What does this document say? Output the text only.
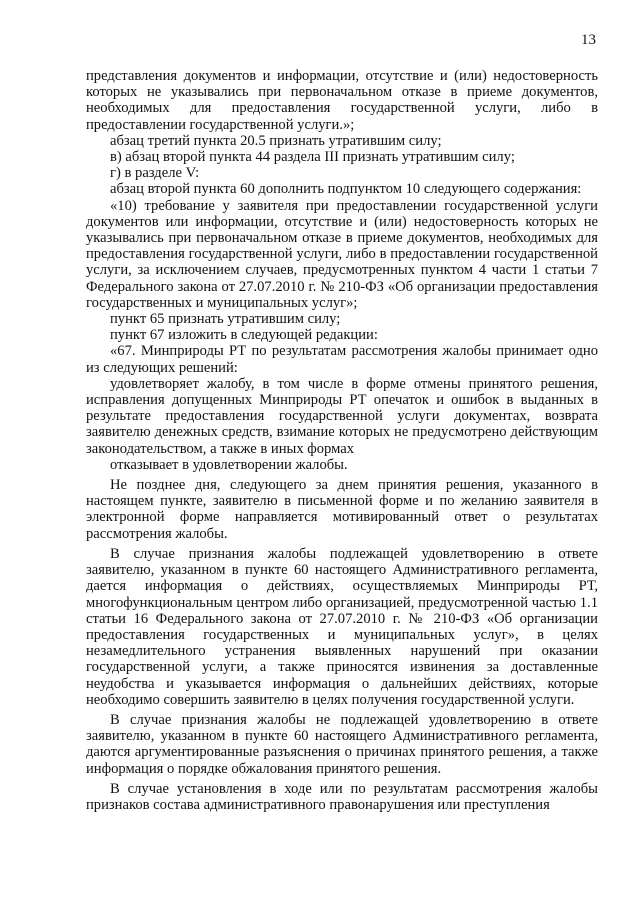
13

представления документов и информации, отсутствие и (или) недостоверность которых не указывались при первоначальном отказе в приеме документов, необходимых для предоставления государственной услуги, либо в предоставлении государственной услуги.»;

абзац третий пункта 20.5 признать утратившим силу;

в) абзац второй пункта 44 раздела III признать утратившим силу;

г) в разделе V:

абзац второй пункта 60 дополнить подпунктом 10 следующего содержания:

«10) требование у заявителя при предоставлении государственной услуги документов или информации, отсутствие и (или) недостоверность которых не указывались при первоначальном отказе в приеме документов, необходимых для предоставления государственной услуги, либо в предоставлении государственной услуги, за исключением случаев, предусмотренных пунктом 4 части 1 статьи 7 Федерального закона от 27.07.2010 г. № 210-ФЗ «Об организации предоставления государственных и муниципальных услуг»;

пункт 65 признать утратившим силу;

пункт 67 изложить в следующей редакции:

«67. Минприроды РТ по результатам рассмотрения жалобы принимает одно из следующих решений:

удовлетворяет жалобу, в том числе в форме отмены принятого решения, исправления допущенных Минприроды РТ опечаток и ошибок в выданных в результате предоставления государственной услуги документах, возврата заявителю денежных средств, взимание которых не предусмотрено действующим законодательством, а также в иных формах

отказывает в удовлетворении жалобы.

Не позднее дня, следующего за днем принятия решения, указанного в настоящем пункте, заявителю в письменной форме и по желанию заявителя в электронной форме направляется мотивированный ответ о результатах рассмотрения жалобы.

В случае признания жалобы подлежащей удовлетворению в ответе заявителю, указанном в пункте 60 настоящего Административного регламента, дается информация о действиях, осуществляемых Минприроды РТ, многофункциональным центром либо организацией, предусмотренной частью 1.1 статьи 16 Федерального закона от 27.07.2010 г. № 210-ФЗ «Об организации предоставления государственных и муниципальных услуг», в целях незамедлительного устранения выявленных нарушений при оказании государственной услуги, а также приносятся извинения за доставленные неудобства и указывается информация о дальнейших действиях, которые необходимо совершить заявителю в целях получения государственной услуги.

В случае признания жалобы не подлежащей удовлетворению в ответе заявителю, указанном в пункте 60 настоящего Административного регламента, даются аргументированные разъяснения о причинах принятого решения, а также информация о порядке обжалования принятого решения.

В случае установления в ходе или по результатам рассмотрения жалобы признаков состава административного правонарушения или преступления
